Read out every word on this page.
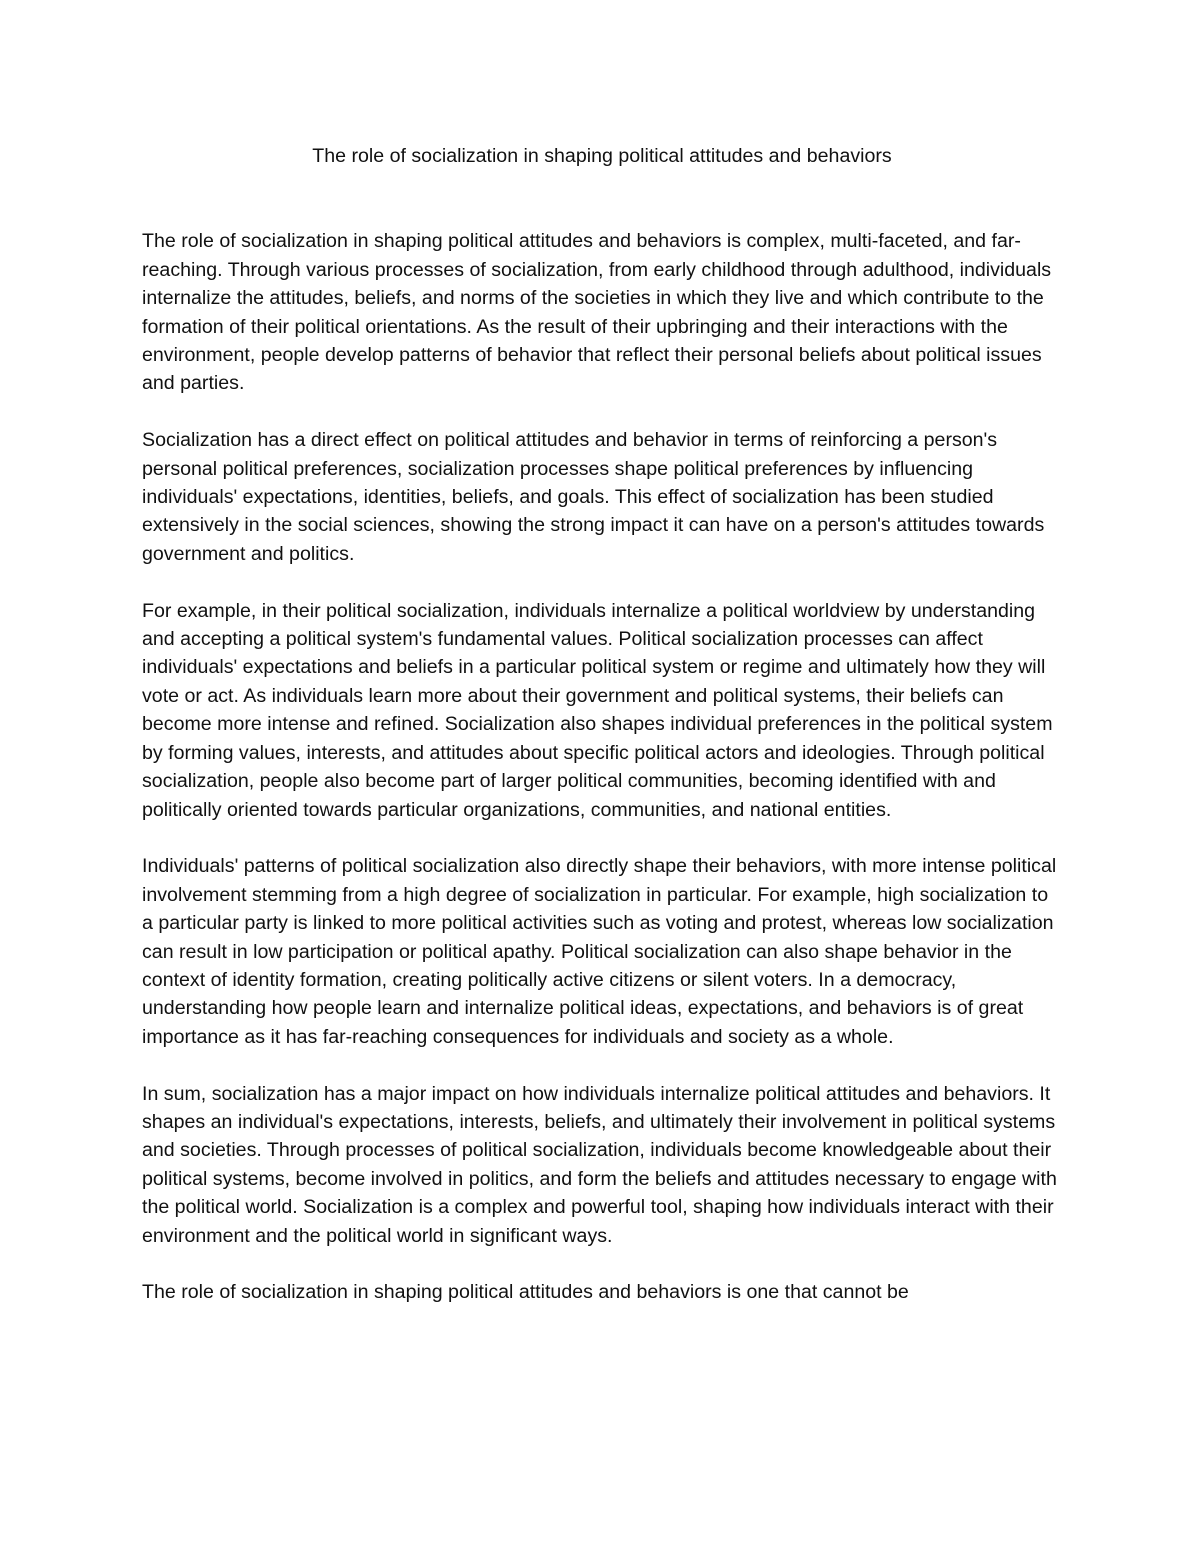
The role of socialization in shaping political attitudes and behaviors

The role of socialization in shaping political attitudes and behaviors is complex, multi-faceted, and far-reaching. Through various processes of socialization, from early childhood through adulthood, individuals internalize the attitudes, beliefs, and norms of the societies in which they live and which contribute to the formation of their political orientations. As the result of their upbringing and their interactions with the environment, people develop patterns of behavior that reflect their personal beliefs about political issues and parties.

Socialization has a direct effect on political attitudes and behavior in terms of reinforcing a person's personal political preferences, socialization processes shape political preferences by influencing individuals' expectations, identities, beliefs, and goals. This effect of socialization has been studied extensively in the social sciences, showing the strong impact it can have on a person's attitudes towards government and politics.

For example, in their political socialization, individuals internalize a political worldview by understanding and accepting a political system's fundamental values. Political socialization processes can affect individuals' expectations and beliefs in a particular political system or regime and ultimately how they will vote or act. As individuals learn more about their government and political systems, their beliefs can become more intense and refined. Socialization also shapes individual preferences in the political system by forming values, interests, and attitudes about specific political actors and ideologies. Through political socialization, people also become part of larger political communities, becoming identified with and politically oriented towards particular organizations, communities, and national entities.

Individuals' patterns of political socialization also directly shape their behaviors, with more intense political involvement stemming from a high degree of socialization in particular. For example, high socialization to a particular party is linked to more political activities such as voting and protest, whereas low socialization can result in low participation or political apathy. Political socialization can also shape behavior in the context of identity formation, creating politically active citizens or silent voters. In a democracy, understanding how people learn and internalize political ideas, expectations, and behaviors is of great importance as it has far-reaching consequences for individuals and society as a whole.

In sum, socialization has a major impact on how individuals internalize political attitudes and behaviors. It shapes an individual's expectations, interests, beliefs, and ultimately their involvement in political systems and societies. Through processes of political socialization, individuals become knowledgeable about their political systems, become involved in politics, and form the beliefs and attitudes necessary to engage with the political world. Socialization is a complex and powerful tool, shaping how individuals interact with their environment and the political world in significant ways.

The role of socialization in shaping political attitudes and behaviors is one that cannot be
